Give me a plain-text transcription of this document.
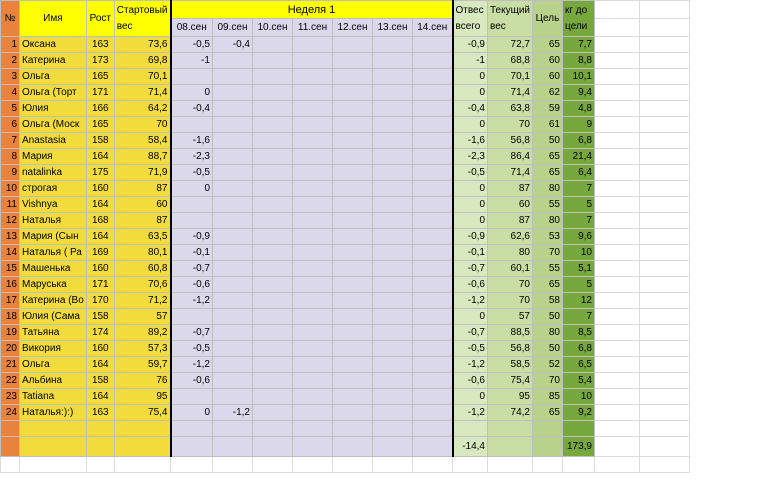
№	Имя	Рост	Стартовый вес	Неделя 1							Отвес всего	Текущий вес	Цель	кг до цели		
				08.сен	09.сен	10.сен	11.сен	12.сен	13.сен	14.сен						
1	Оксана	163	73,6	-0,5	-0,4						-0,9	72,7	65	7,7		
2	Катерина	173	69,8	-1							-1	68,8	60	8,8		
3	Ольга	165	70,1								0	70,1	60	10,1		
4	Ольга (Торт	171	71,4	0							0	71,4	62	9,4		
5	Юлия	166	64,2	-0,4							-0,4	63,8	59	4,8		
6	Ольга (Моск	165	70								0	70	61	9		
7	Anastasia	158	58,4	-1,6							-1,6	56,8	50	6,8		
8	Мария	164	88,7	-2,3							-2,3	86,4	65	21,4		
9	natalinka	175	71,9	-0,5							-0,5	71,4	65	6,4		
10	строгая	160	87	0							0	87	80	7		
11	Vishnya	164	60								0	60	55	5		
12	Наталья	168	87								0	87	80	7		
13	Мария (Сын	164	63,5	-0,9							-0,9	62,6	53	9,6		
14	Наталья ( Ра	169	80,1	-0,1							-0,1	80	70	10		
15	Машенька	160	60,8	-0,7							-0,7	60,1	55	5,1		
16	Маруська	171	70,6	-0,6							-0,6	70	65	5		
17	Катерина (Во	170	71,2	-1,2							-1,2	70	58	12		
18	Юлия (Сама	158	57								0	57	50	7		
19	Татьяна	174	89,2	-0,7							-0,7	88,5	80	8,5		
20	Викория	160	57,3	-0,5							-0,5	56,8	50	6,8		
21	Ольга	164	59,7	-1,2							-1,2	58,5	52	6,5		
22	Альбина	158	76	-0,6							-0,6	75,4	70	5,4		
23	Tatiana	164	95								0	95	85	10		
24	Наталья:):)	163	75,4	0	-1,2						-1,2	74,2	65	9,2		

											-14,4			173,9		
